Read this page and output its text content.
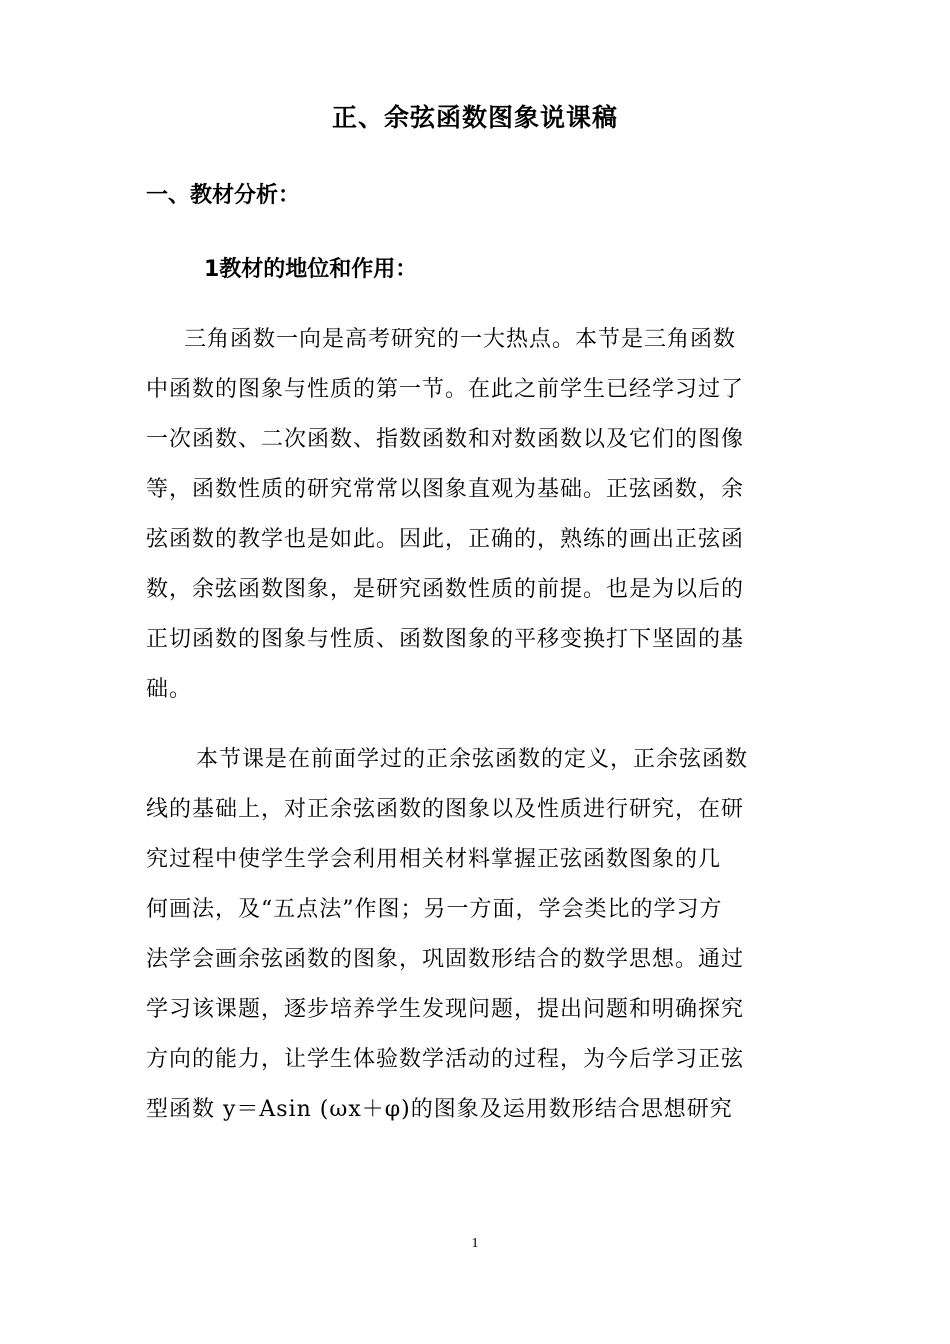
正、余弦函数图象说课稿
一、教材分析：
1教材的地位和作用：
三角函数一向是高考研究的一大热点。本节是三角函数
中函数的图象与性质的第一节。在此之前学生已经学习过了
一次函数、二次函数、指数函数和对数函数以及它们的图像
等，函数性质的研究常常以图象直观为基础。正弦函数，余
弦函数的教学也是如此。因此，正确的，熟练的画出正弦函
数，余弦函数图象，是研究函数性质的前提。也是为以后的
正切函数的图象与性质、函数图象的平移变换打下坚固的基
础。
本节课是在前面学过的正余弦函数的定义，正余弦函数
线的基础上，对正余弦函数的图象以及性质进行研究，在研
究过程中使学生学会利用相关材料掌握正弦函数图象的几
何画法，及“五点法”作图；另一方面，学会类比的学习方
法学会画余弦函数的图象，巩固数形结合的数学思想。通过
学习该课题，逐步培养学生发现问题，提出问题和明确探究
方向的能力，让学生体验数学活动的过程，为今后学习正弦
型函数 y＝Asin (ωx＋φ)的图象及运用数形结合思想研究
1
